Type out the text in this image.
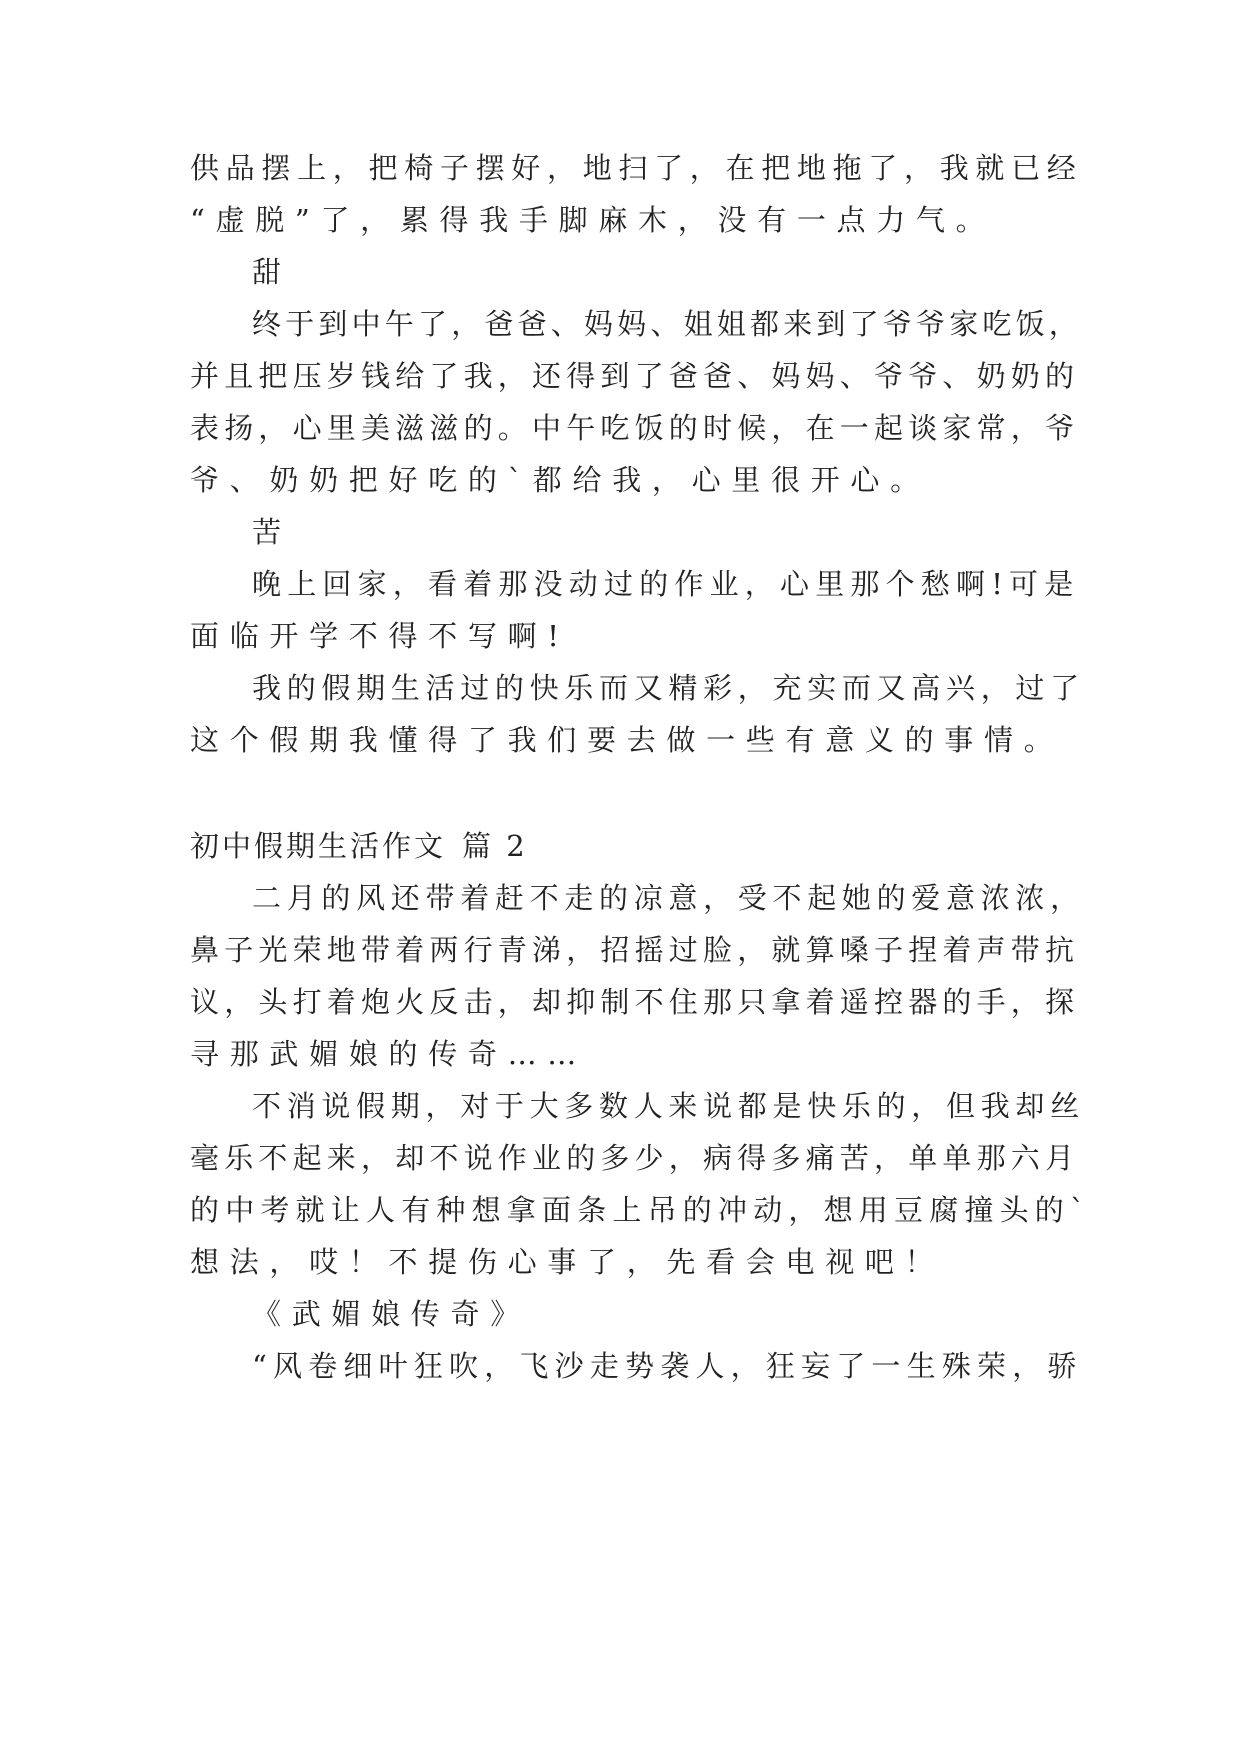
供品摆上，把椅子摆好，地扫了，在把地拖了，我就已经
“虚脱”了，累得我手脚麻木，没有一点力气。
甜
终于到中午了，爸爸、妈妈、姐姐都来到了爷爷家吃饭，
并且把压岁钱给了我，还得到了爸爸、妈妈、爷爷、奶奶的
表扬，心里美滋滋的。中午吃饭的时候，在一起谈家常，爷
爷、奶奶把好吃的`都给我，心里很开心。
苦
晚上回家，看着那没动过的作业，心里那个愁啊!可是
面临开学不得不写啊!
我的假期生活过的快乐而又精彩，充实而又高兴，过了
这个假期我懂得了我们要去做一些有意义的事情。
初中假期生活作文 篇 2
二月的风还带着赶不走的凉意，受不起她的爱意浓浓，
鼻子光荣地带着两行青涕，招摇过脸，就算嗓子捏着声带抗
议，头打着炮火反击，却抑制不住那只拿着遥控器的手，探
寻那武媚娘的传奇……
不消说假期，对于大多数人来说都是快乐的，但我却丝
毫乐不起来，却不说作业的多少，病得多痛苦，单单那六月
的中考就让人有种想拿面条上吊的冲动，想用豆腐撞头的`
想法，哎！不提伤心事了，先看会电视吧！
《武媚娘传奇》
“风卷细叶狂吹，飞沙走势袭人，狂妄了一生殊荣，骄
